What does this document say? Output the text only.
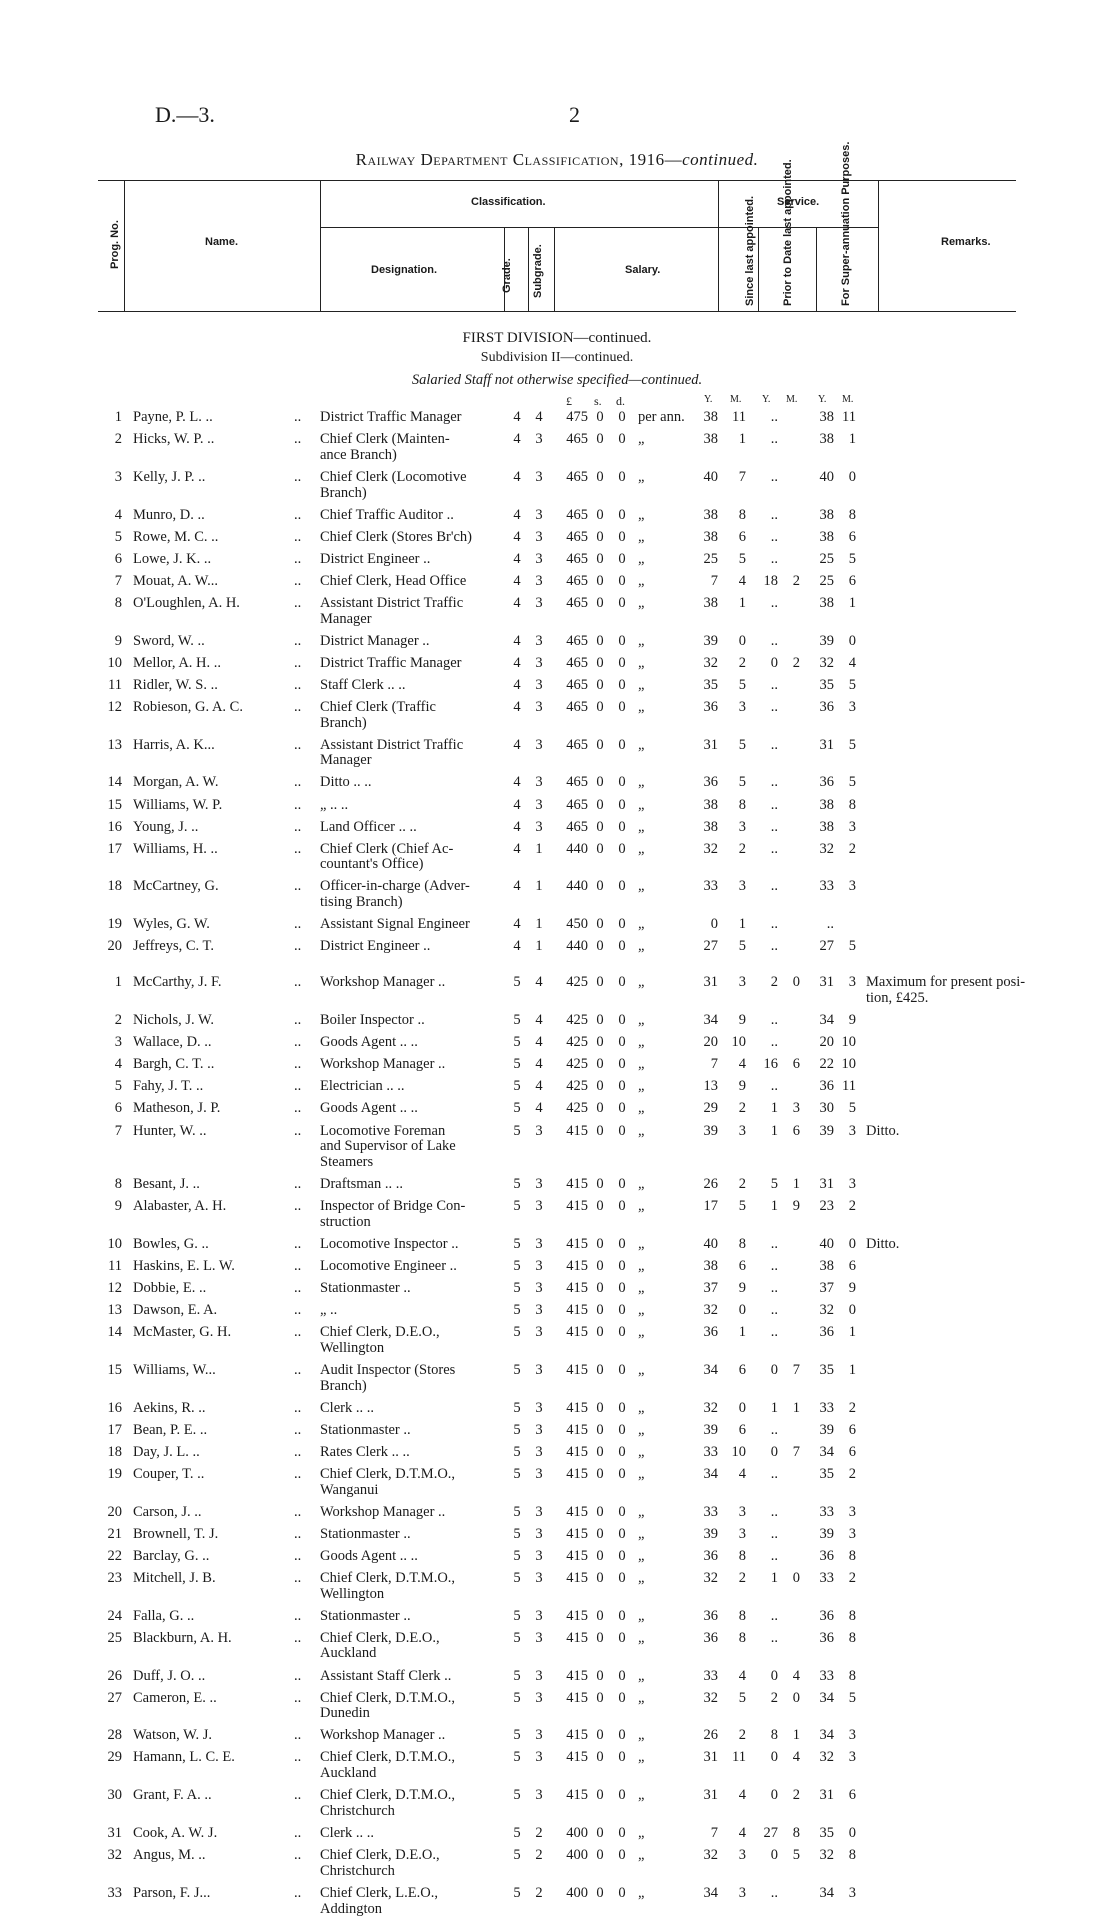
D.—3.	2
Railway Department Classification, 1916—continued.
Prog. No.	Name.
Classification.
Designation.	Grade. Subgrade.	Salary.
Service.
Since last appointed. Prior to Date last appointed.	For Super-annuation Purposes.	Remarks.
FIRST DIVISION—continued.
Subdivision II—continued.
Salaried Staff not otherwise specified—continued.
£ s. d.	Y. M. Y. M. Y. M.
1 Payne, P. L. ..	District Traffic Manager	4 4	475 0 0 per ann.	38 11	..	38 11
..
2 Hicks, W. P. ..	Chief Clerk (Mainten-	4 3	465 0 0 „	38	1	..	38	1
..
ance Branch)
3 Kelly, J. P. ..	Chief Clerk (Locomotive	4 3	465 0 0 „	40	7	..	40	0
..
Branch)
4 Munro, D. ..	Chief Traffic Auditor ..	4 3	465 0 0 „	38	8	..	38	8
..
5 Rowe, M. C. ..	Chief Clerk (Stores Br'ch)	4 3	465 0 0 „	38	6	..	38	6
..
6 Lowe, J. K. ..	District Engineer ..	4 3	465 0 0 „	25	5	..	25	5
..
7 Mouat, A. W...	Chief Clerk, Head Office	4 3	465 0 0 „	7	4	18	2	25	6
..
8 O'Loughlen, A. H.	Assistant District Traffic	4 3	465 0 0 „	38	1	..	38	1
..
Manager
9 Sword, W. ..	District Manager ..	4 3	465 0 0 „	39	0	..	39	0
..
10 Mellor, A. H. ..	District Traffic Manager	4 3	465 0 0 „	32	2	0	2	32	4
..
11 Ridler, W. S. ..	Staff Clerk .. ..	4 3	465 0 0 „	35	5	..	35	5
..
12 Robieson, G. A. C.	Chief Clerk (Traffic	4 3	465 0 0 „	36	3	..	36	3
..
Branch)
13 Harris, A. K...	Assistant District Traffic	4 3	465 0 0 „	31	5	..	31	5
..
Manager
14 Morgan, A. W.	Ditto .. ..	4 3	465 0 0 „	36	5	..	36	5
..
15 Williams, W. P.	„ .. ..	4 3	465 0 0 „	38	8	..	38	8
..
16 Young, J. ..	Land Officer .. ..	4 3	465 0 0 „	38	3	..	38	3
..
17 Williams, H. ..	Chief Clerk (Chief Ac-	4 1	440 0 0 „	32	2	..	32	2
..
countant's Office)
18 McCartney, G.	Officer-in-charge (Adver-	4 1	440 0 0 „	33	3	..	33	3
..
tising Branch)
19 Wyles, G. W.	Assistant Signal Engineer	4 1	450 0 0 „	0	1	..	..
..
20 Jeffreys, C. T.	District Engineer ..	4 1	440 0 0 „	27	5	..	27	5
..
1 McCarthy, J. F.	Workshop Manager ..	5 4	425 0 0 „	31	3	2	0	31	3 Maximum for present posi-
..
tion, £425.
2 Nichols, J. W.	Boiler Inspector ..	5 4	425 0 0 „	34	9	..	34	9
..
3 Wallace, D. ..	Goods Agent .. ..	5 4	425 0 0 „	20 10	..	20 10
..
4 Bargh, C. T. ..	Workshop Manager ..	5 4	425 0 0 „	7	4	16	6	22 10
..
5 Fahy, J. T. ..	Electrician .. ..	5 4	425 0 0 „	13	9	..	36 11
..
6 Matheson, J. P.	Goods Agent .. ..	5 4	425 0 0 „	29	2	1	3	30	5
..
7 Hunter, W. ..	Locomotive Foreman	5 3	415 0 0 „	39	3	1	6	39	3 Ditto.
..
and Supervisor of Lake
Steamers
8 Besant, J. ..	Draftsman .. ..	5 3	415 0 0 „	26	2	5	1	31	3
..
9 Alabaster, A. H.	Inspector of Bridge Con-	5 3	415 0 0 „	17	5	1	9	23	2
..
struction
10 Bowles, G. ..	Locomotive Inspector ..	5 3	415 0 0 „	40	8	..	40	0 Ditto.
..
11 Haskins, E. L. W.	Locomotive Engineer ..	5 3	415 0 0 „	38	6	..	38	6
..
12 Dobbie, E. ..	Stationmaster ..	5 3	415 0 0 „	37	9	..	37	9
..
13 Dawson, E. A.	„ ..	5 3	415 0 0 „	32	0	..	32	0
..
14 McMaster, G. H.	Chief Clerk, D.E.O.,	5 3	415 0 0 „	36	1	..	36	1
..
Wellington
15 Williams, W...	Audit Inspector (Stores	5 3	415 0 0 „	34	6	0	7	35	1
..
Branch)
16 Aekins, R. ..	Clerk .. ..	5 3	415 0 0 „	32	0	1	1	33	2
..
17 Bean, P. E. ..	Stationmaster ..	5 3	415 0 0 „	39	6	..	39	6
..
18 Day, J. L. ..	Rates Clerk .. ..	5 3	415 0 0 „	33 10	0	7	34	6
..
19 Couper, T. ..	Chief Clerk, D.T.M.O.,	5 3	415 0 0 „	34	4	..	35	2
..
Wanganui
20 Carson, J. ..	Workshop Manager ..	5 3	415 0 0 „	33	3	..	33	3
..
21 Brownell, T. J.	Stationmaster ..	5 3	415 0 0 „	39	3	..	39	3
..
22 Barclay, G. ..	Goods Agent .. ..	5 3	415 0 0 „	36	8	..	36	8
..
23 Mitchell, J. B.	Chief Clerk, D.T.M.O.,	5 3	415 0 0 „	32	2	1	0	33	2
..
Wellington
24 Falla, G. ..	Stationmaster ..	5 3	415 0 0 „	36	8	..	36	8
..
25 Blackburn, A. H.	Chief Clerk, D.E.O.,	5 3	415 0 0 „	36	8	..	36	8
..
Auckland
26 Duff, J. O. ..	Assistant Staff Clerk ..	5 3	415 0 0 „	33	4	0	4	33	8
..
27 Cameron, E. ..	Chief Clerk, D.T.M.O.,	5 3	415 0 0 „	32	5	2	0	34	5
..
Dunedin
28 Watson, W. J.	Workshop Manager ..	5 3	415 0 0 „	26	2	8	1	34	3
..
29 Hamann, L. C. E.	Chief Clerk, D.T.M.O.,	5 3	415 0 0 „	31 11	0	4	32	3
..
Auckland
30 Grant, F. A. ..	Chief Clerk, D.T.M.O.,	5 3	415 0 0 „	31	4	0	2	31	6
..
Christchurch
31 Cook, A. W. J.	Clerk .. ..	5 2	400 0 0 „	7	4	27	8	35	0
..
32 Angus, M. ..	Chief Clerk, D.E.O.,	5 2	400 0 0 „	32	3	0	5	32	8
..
Christchurch
33 Parson, F. J...	Chief Clerk, L.E.O.,	5 2	400 0 0 „	34	3	..	34	3
..
Addington
